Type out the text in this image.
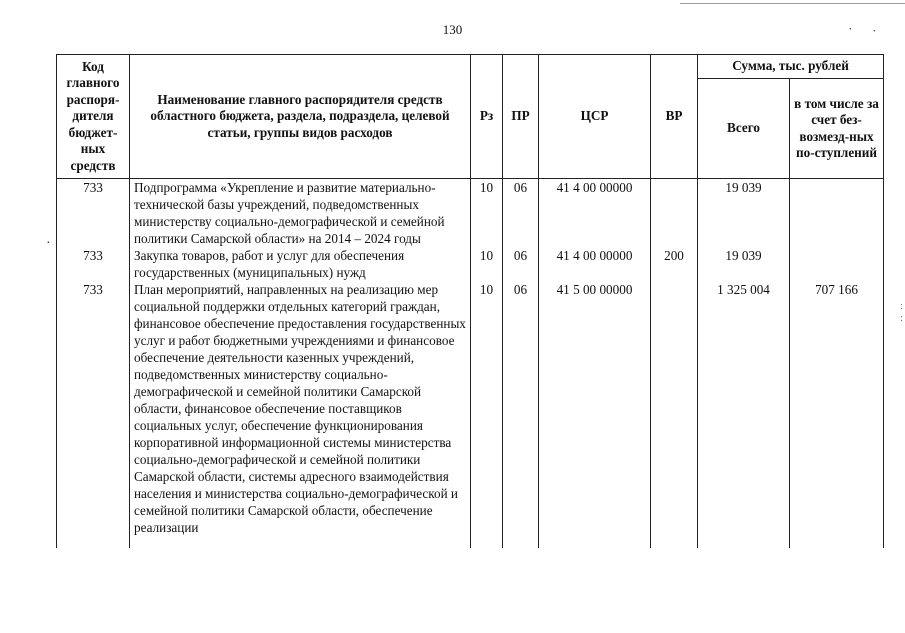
130	˙ ˙
·
Код главного распоря-дителя бюджет-ных средств	Наименование главного распорядителя средств областного бюджета, раздела, подраздела, целевой статьи, группы видов расходов	Рз	ПР	ЦСР	ВР	Сумма, тыс. рублей	
						Всего	в том числе за счет без-возмезд-ных по-ступлений
733	Подпрограмма «Укрепление и развитие материально-технической базы учреждений, подведомственных министерству социально-демографической и семейной политики Самарской области» на 2014 – 2024 годы	10	06	41 4 00 00000		19 039	
733	Закупка товаров, работ и услуг для обеспечения государственных (муниципальных) нужд	10	06	41 4 00 00000	200	19 039	
733	План мероприятий, направленных на реализацию мер социальной поддержки отдельных категорий граждан, финансовое обеспечение предоставления государственных услуг и работ бюджетными учреждениями и финансовое обеспечение деятельности казенных учреждений, подведомственных министерству социально-демографической и семейной политики Самарской области, финансовое обеспечение поставщиков социальных услуг, обеспечение функционирования корпоративной информационной системы министерства социально-демографической и семейной политики Самарской области, системы адресного взаимодействия населения и министерства социально-демографической и семейной политики Самарской области, обеспечение реализации	10	06	41 5 00 00000		1 325 004	707 166
:
:
